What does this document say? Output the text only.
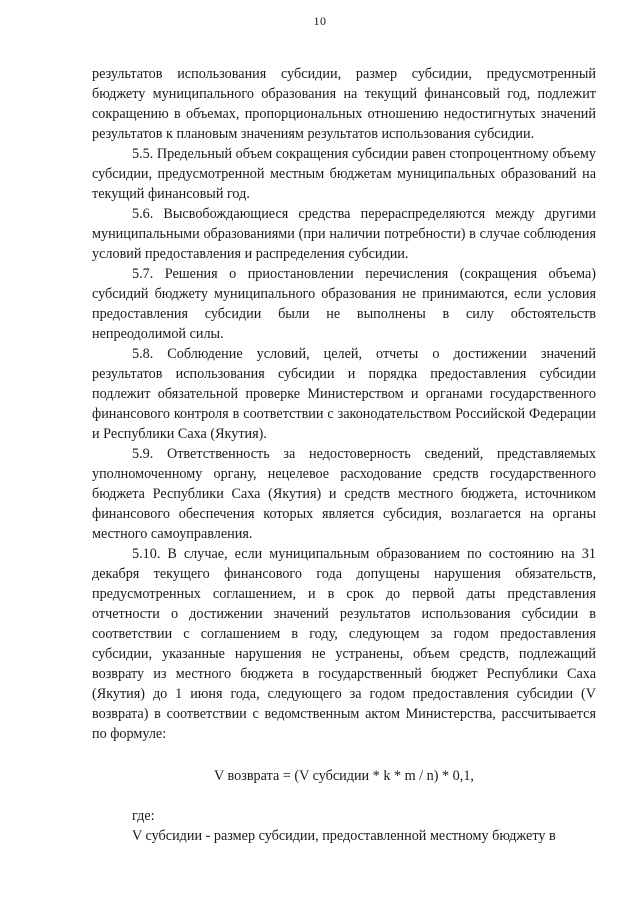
10

результатов использования субсидии, размер субсидии, предусмотренный бюджету муниципального образования на текущий финансовый год, подлежит сокращению в объемах, пропорциональных отношению недостигнутых значений результатов к плановым значениям результатов использования субсидии.

5.5. Предельный объем сокращения субсидии равен стопроцентному объему субсидии, предусмотренной местным бюджетам муниципальных образований на текущий финансовый год.

5.6. Высвобождающиеся средства перераспределяются между другими муниципальными образованиями (при наличии потребности) в случае соблюдения условий предоставления и распределения субсидии.

5.7. Решения о приостановлении перечисления (сокращения объема) субсидий бюджету муниципального образования не принимаются, если условия предоставления субсидии были не выполнены в силу обстоятельств непреодолимой силы.

5.8. Соблюдение условий, целей, отчеты о достижении значений результатов использования субсидии и порядка предоставления субсидии подлежит обязательной проверке Министерством и органами государственного финансового контроля в соответствии с законодательством Российской Федерации и Республики Саха (Якутия).

5.9. Ответственность за недостоверность сведений, представляемых уполномоченному органу, нецелевое расходование средств государственного бюджета Республики Саха (Якутия) и средств местного бюджета, источником финансового обеспечения которых является субсидия, возлагается на органы местного самоуправления.

5.10. В случае, если муниципальным образованием по состоянию на 31 декабря текущего финансового года допущены нарушения обязательств, предусмотренных соглашением, и в срок до первой даты представления отчетности о достижении значений результатов использования субсидии в соответствии с соглашением в году, следующем за годом предоставления субсидии, указанные нарушения не устранены, объем средств, подлежащий возврату из местного бюджета в государственный бюджет Республики Саха (Якутия) до 1 июня года, следующего за годом предоставления субсидии (V возврата) в соответствии с ведомственным актом Министерства, рассчитывается по формуле:

V возврата = (V субсидии * k * m / n) * 0,1,

где:

V субсидии - размер субсидии, предоставленной местному бюджету в
